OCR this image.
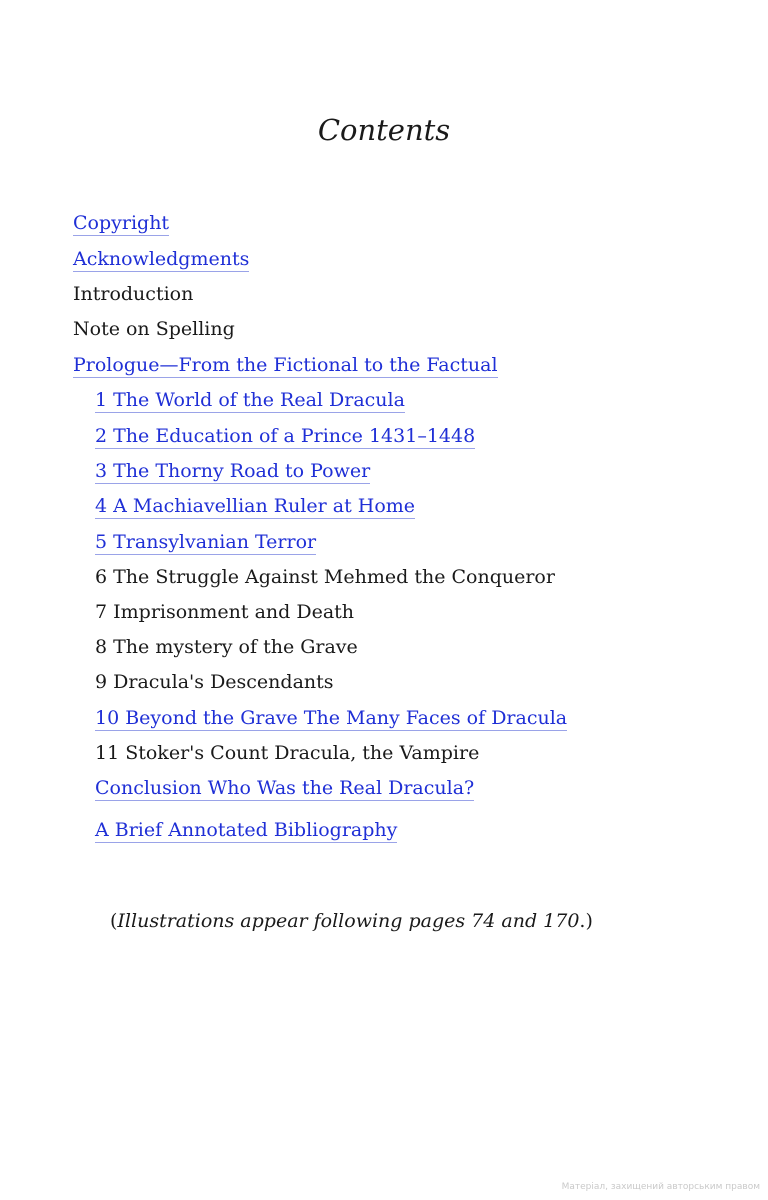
Contents
Copyright
Acknowledgments
Introduction
Note on Spelling
Prologue—From the Fictional to the Factual
1 The World of the Real Dracula
2 The Education of a Prince 1431–1448
3 The Thorny Road to Power
4 A Machiavellian Ruler at Home
5 Transylvanian Terror
6 The Struggle Against Mehmed the Conqueror
7 Imprisonment and Death
8 The mystery of the Grave
9 Dracula's Descendants
10 Beyond the Grave The Many Faces of Dracula
11 Stoker's Count Dracula, the Vampire
Conclusion Who Was the Real Dracula?
A Brief Annotated Bibliography

(Illustrations appear following pages 74 and 170.)

Матеріал, захищений авторським правом
